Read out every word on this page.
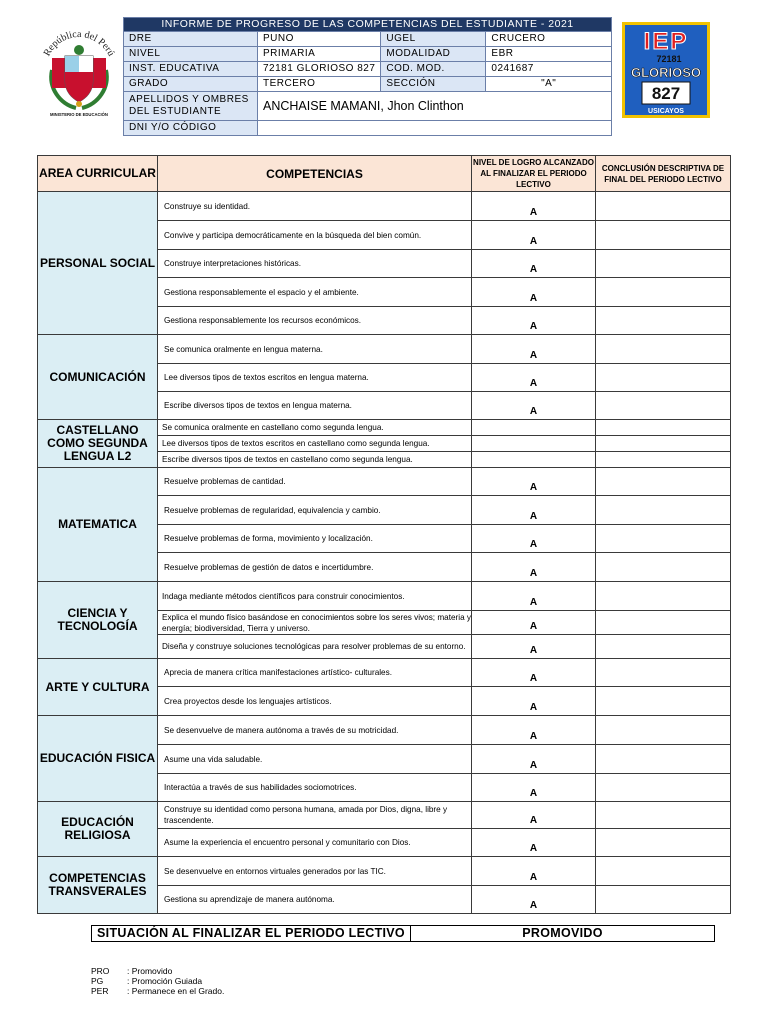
República del Perú
MINISTERIO DE EDUCACIÓN
INFORME DE PROGRESO DE LAS COMPETENCIAS DEL ESTUDIANTE - 2021			
DRE	PUNO	UGEL	CRUCERO
NIVEL	PRIMARIA	MODALIDAD	EBR
INST. EDUCATIVA	72181 GLORIOSO 827	COD. MOD.	0241687
GRADO	TERCERO	SECCIÓN	"A"

APELLIDOS Y OMBRES
DEL ESTUDIANTE	ANCHAISE MAMANI, Jhon Clinthon		
DNI Y/O CÓDIGO			
IEP
72181
GLORIOSO
827
USICAYOS
AREA CURRICULAR	COMPETENCIAS	NIVEL DE LOGRO ALCANZADO AL FINALIZAR EL PERIODO LECTIVO	CONCLUSIÓN DESCRIPTIVA DE FINAL DEL PERIODO LECTIVO
PERSONAL SOCIAL	Construye su identidad.	A	
	Convive y participa democráticamente en la búsqueda del bien común.	A	
	Construye interpretaciones históricas.	A	
	Gestiona responsablemente el espacio y el ambiente.	A	
	Gestiona responsablemente los recursos económicos.	A	
COMUNICACIÓN	Se comunica oralmente en lengua materna.	A	
	Lee diversos tipos de textos escritos en lengua materna.	A	
	Escribe diversos tipos de textos en lengua materna.	A	
CASTELLANO COMO SEGUNDA LENGUA L2	Se comunica oralmente en castellano como segunda lengua.		
	Lee diversos tipos de textos escritos en castellano como segunda lengua.		
	Escribe diversos tipos de textos en castellano como segunda lengua.		
MATEMATICA	Resuelve problemas de cantidad.	A	
	Resuelve problemas de regularidad, equivalencia y cambio.	A	
	Resuelve problemas de forma, movimiento y localización.	A	
	Resuelve problemas de gestión de datos e incertidumbre.	A	
CIENCIA Y TECNOLOGÍA	Indaga mediante métodos científicos para construir conocimientos.	A	
	Explica el mundo físico basándose en conocimientos sobre los seres vivos; materia y energía; biodiversidad, Tierra y universo.	A	
	Diseña y construye soluciones tecnológicas para resolver problemas de su entorno.	A	
ARTE Y CULTURA	Aprecia de manera crítica manifestaciones artístico- culturales.	A	
	Crea proyectos desde los lenguajes artísticos.	A	
EDUCACIÓN FISICA	Se desenvuelve de manera autónoma a través de su motricidad.	A	
	Asume una vida saludable.	A	
	Interactúa a través de sus habilidades sociomotrices.	A	
EDUCACIÓN RELIGIOSA	Construye su identidad como persona humana, amada por Dios, digna, libre y trascendente.	A	
	Asume la experiencia el encuentro personal y comunitario con Dios.	A	
COMPETENCIAS TRANSVERALES	Se desenvuelve en entornos virtuales generados por las TIC.	A	
	Gestiona su aprendizaje de manera autónoma.	A	
SITUACIÓN AL FINALIZAR EL PERIODO LECTIVO	PROMOVIDO
PRO : Promovido
PG	: Promoción Guiada
PER : Permanece en el Grado.
